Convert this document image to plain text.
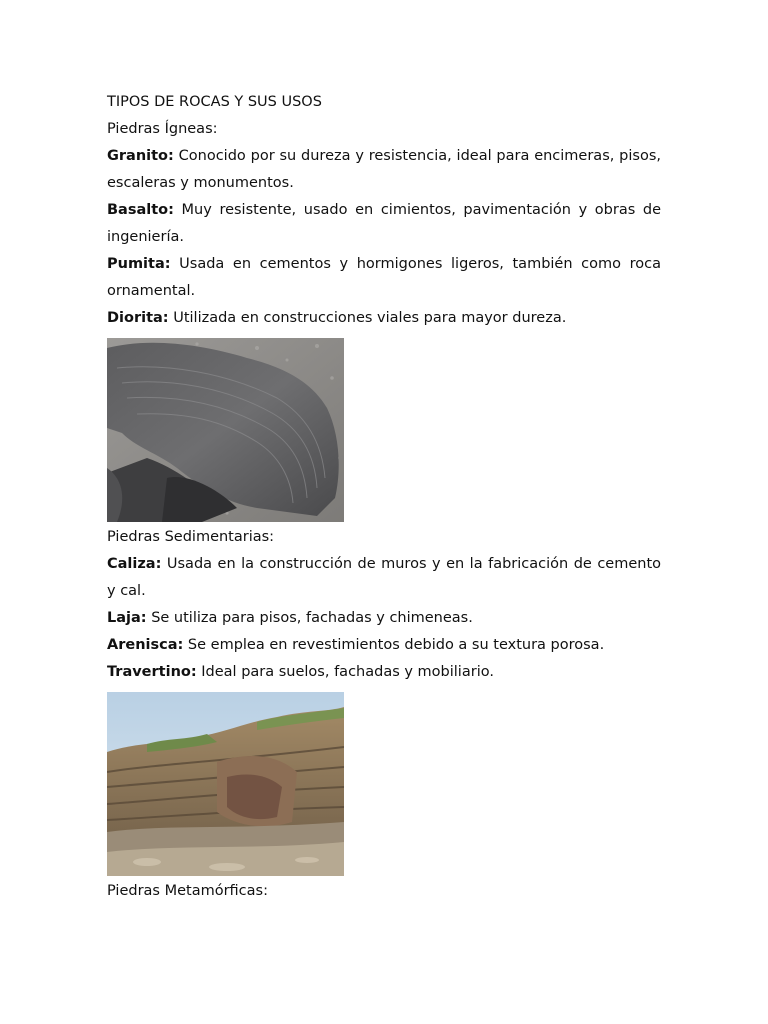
TIPOS DE ROCAS Y SUS USOS

Piedras Ígneas:

Granito: Conocido por su dureza y resistencia, ideal para encimeras, pisos, escaleras y monumentos.

Basalto: Muy resistente, usado en cimientos, pavimentación y obras de ingeniería.

Pumita: Usada en cementos y hormigones ligeros, también como roca ornamental.

Diorita: Utilizada en construcciones viales para mayor dureza.

Piedras Sedimentarias:

Caliza: Usada en la construcción de muros y en la fabricación de cemento y cal.

Laja: Se utiliza para pisos, fachadas y chimeneas.

Arenisca: Se emplea en revestimientos debido a su textura porosa.

Travertino: Ideal para suelos, fachadas y mobiliario.

Piedras Metamórficas:
